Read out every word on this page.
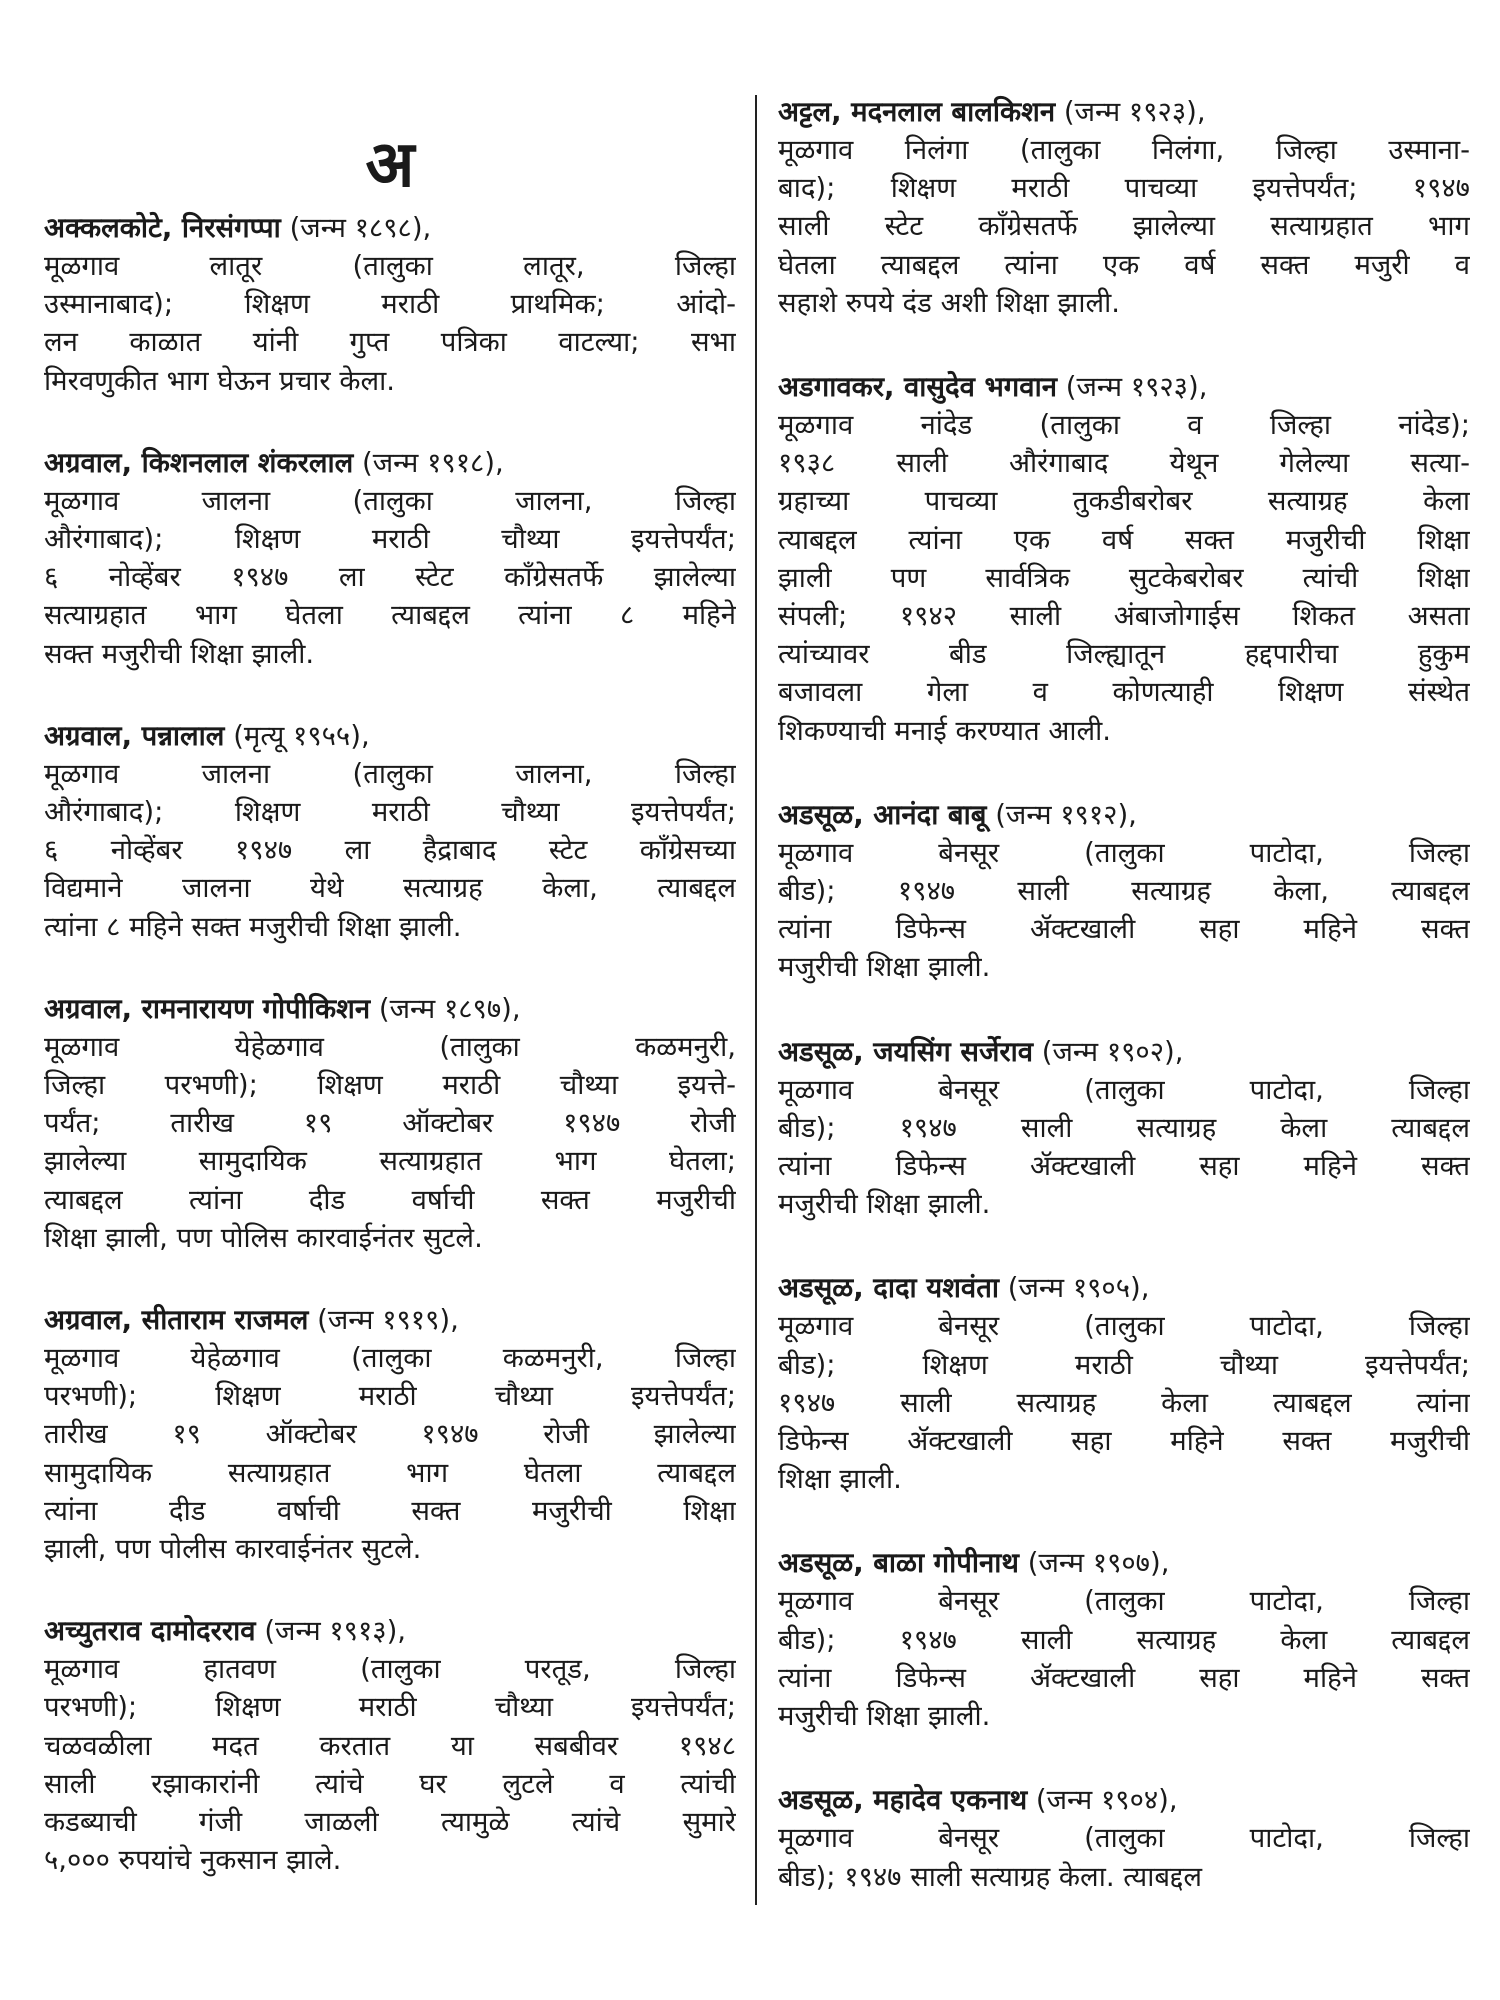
अ
अक्कलकोटे, निरसंगप्पा (जन्म १८९८),
मूळगाव लातूर (तालुका लातूर, जिल्हा
उस्मानाबाद); शिक्षण मराठी प्राथमिक; आंदो-
लन काळात यांनी गुप्त पत्रिका वाटल्या; सभा
मिरवणुकीत भाग घेऊन प्रचार केला.
अग्रवाल, किशनलाल शंकरलाल (जन्म १९१८),
मूळगाव जालना (तालुका जालना, जिल्हा
औरंगाबाद); शिक्षण मराठी चौथ्या इयत्तेपर्यंत;
६ नोव्हेंबर १९४७ ला स्टेट कॉंग्रेसतर्फे झालेल्या
सत्याग्रहात भाग घेतला त्याबद्दल त्यांना ८ महिने
सक्त मजुरीची शिक्षा झाली.
अग्रवाल, पन्नालाल (मृत्यू १९५५),
मूळगाव जालना (तालुका जालना, जिल्हा
औरंगाबाद); शिक्षण मराठी चौथ्या इयत्तेपर्यंत;
६ नोव्हेंबर १९४७ ला हैद्राबाद स्टेट कॉंग्रेसच्या
विद्यमाने जालना येथे सत्याग्रह केला, त्याबद्दल
त्यांना ८ महिने सक्त मजुरीची शिक्षा झाली.
अग्रवाल, रामनारायण गोपीकिशन (जन्म १८९७),
मूळगाव येहेळगाव (तालुका कळमनुरी,
जिल्हा परभणी); शिक्षण मराठी चौथ्या इयत्ते-
पर्यंत; तारीख १९ ऑक्टोबर १९४७ रोजी
झालेल्या सामुदायिक सत्याग्रहात भाग घेतला;
त्याबद्दल त्यांना दीड वर्षाची सक्त मजुरीची
शिक्षा झाली, पण पोलिस कारवाईनंतर सुटले.
अग्रवाल, सीताराम राजमल (जन्म १९१९),
मूळगाव येहेळगाव (तालुका कळमनुरी, जिल्हा
परभणी); शिक्षण मराठी चौथ्या इयत्तेपर्यंत;
तारीख १९ ऑक्टोबर १९४७ रोजी झालेल्या
सामुदायिक सत्याग्रहात भाग घेतला त्याबद्दल
त्यांना दीड वर्षाची सक्त मजुरीची शिक्षा
झाली, पण पोलीस कारवाईनंतर सुटले.
अच्युतराव दामोदरराव (जन्म १९१३),
मूळगाव हातवण (तालुका परतूड, जिल्हा
परभणी); शिक्षण मराठी चौथ्या इयत्तेपर्यंत;
चळवळीला मदत करतात या सबबीवर १९४८
साली रझाकारांनी त्यांचे घर लुटले व त्यांची
कडब्याची गंजी जाळली त्यामुळे त्यांचे सुमारे
५,००० रुपयांचे नुकसान झाले.
अट्टल, मदनलाल बालकिशन (जन्म १९२३),
मूळगाव निलंगा (तालुका निलंगा, जिल्हा उस्माना-
बाद); शिक्षण मराठी पाचव्या इयत्तेपर्यंत; १९४७
साली स्टेट कॉंग्रेसतर्फे झालेल्या सत्याग्रहात भाग
घेतला त्याबद्दल त्यांना एक वर्ष सक्त मजुरी व
सहाशे रुपये दंड अशी शिक्षा झाली.
अडगावकर, वासुदेव भगवान (जन्म १९२३),
मूळगाव नांदेड (तालुका व जिल्हा नांदेड);
१९३८ साली औरंगाबाद येथून गेलेल्या सत्या-
ग्रहाच्या पाचव्या तुकडीबरोबर सत्याग्रह केला
त्याबद्दल त्यांना एक वर्ष सक्त मजुरीची शिक्षा
झाली पण सार्वत्रिक सुटकेबरोबर त्यांची शिक्षा
संपली; १९४२ साली अंबाजोगाईस शिकत असता
त्यांच्यावर बीड जिल्ह्यातून हद्दपारीचा हुकुम
बजावला गेला व कोणत्याही शिक्षण संस्थेत
शिकण्याची मनाई करण्यात आली.
अडसूळ, आनंदा बाबू (जन्म १९१२),
मूळगाव बेनसूर (तालुका पाटोदा, जिल्हा
बीड); १९४७ साली सत्याग्रह केला, त्याबद्दल
त्यांना डिफेन्स ॲक्टखाली सहा महिने सक्त
मजुरीची शिक्षा झाली.
अडसूळ, जयसिंग सर्जेराव (जन्म १९०२),
मूळगाव बेनसूर (तालुका पाटोदा, जिल्हा
बीड); १९४७ साली सत्याग्रह केला त्याबद्दल
त्यांना डिफेन्स ॲक्टखाली सहा महिने सक्त
मजुरीची शिक्षा झाली.
अडसूळ, दादा यशवंता (जन्म १९०५),
मूळगाव बेनसूर (तालुका पाटोदा, जिल्हा
बीड); शिक्षण मराठी चौथ्या इयत्तेपर्यंत;
१९४७ साली सत्याग्रह केला त्याबद्दल त्यांना
डिफेन्स ॲक्टखाली सहा महिने सक्त मजुरीची
शिक्षा झाली.
अडसूळ, बाळा गोपीनाथ (जन्म १९०७),
मूळगाव बेनसूर (तालुका पाटोदा, जिल्हा
बीड); १९४७ साली सत्याग्रह केला त्याबद्दल
त्यांना डिफेन्स ॲक्टखाली सहा महिने सक्त
मजुरीची शिक्षा झाली.
अडसूळ, महादेव एकनाथ (जन्म १९०४),
मूळगाव बेनसूर (तालुका पाटोदा, जिल्हा
बीड); १९४७ साली सत्याग्रह केला. त्याबद्दल
